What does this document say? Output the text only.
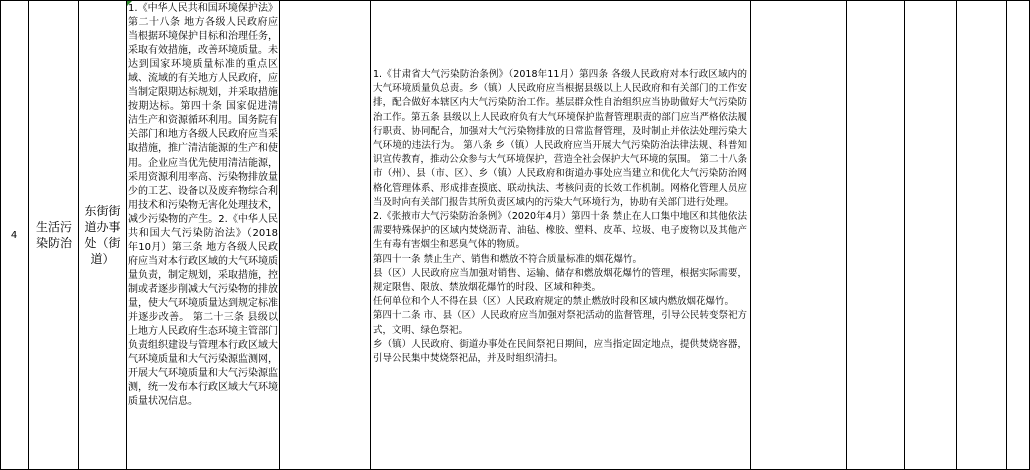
4
生活污染防治
东街街道办事处（街道）
1.《中华人民共和国环境保护法》第二十八条 地方各级人民政府应当根据环境保护目标和治理任务，采取有效措施，改善环境质量。未达到国家环境质量标准的重点区域、流域的有关地方人民政府，应当制定限期达标规划，并采取措施按期达标。第四十条 国家促进清洁生产和资源循环利用。国务院有关部门和地方各级人民政府应当采取措施，推广清洁能源的生产和使用。企业应当优先使用清洁能源，采用资源利用率高、污染物排放量少的工艺、设备以及废弃物综合利用技术和污染物无害化处理技术，减少污染物的产生。2.《中华人民共和国大气污染防治法》（2018年10月）第三条 地方各级人民政府应当对本行政区域的大气环境质量负责，制定规划，采取措施，控制或者逐步削减大气污染物的排放量，使大气环境质量达到规定标准并逐步改善。 第二十三条 县级以上地方人民政府生态环境主管部门负责组织建设与管理本行政区域大气环境质量和大气污染源监测网，开展大气环境质量和大气污染源监测，统一发布本行政区域大气环境质量状况信息。

1.《甘肃省大气污染防治条例》（2018年11月）第四条 各级人民政府对本行政区域内的大气环境质量负总责。乡（镇）人民政府应当根据县级以上人民政府和有关部门的工作安排，配合做好本辖区内大气污染防治工作。基层群众性自治组织应当协助做好大气污染防治工作。第五条 县级以上人民政府负有大气环境保护监督管理职责的部门应当严格依法履行职责、协同配合，加强对大气污染物排放的日常监督管理，及时制止并依法处理污染大气环境的违法行为。 第八条 乡（镇）人民政府应当开展大气污染防治法律法规、科普知识宣传教育，推动公众参与大气环境保护，营造全社会保护大气环境的氛围。 第二十八条 市（州）、县（市、区）、乡（镇）人民政府和街道办事处应当建立和优化大气污染防治网格化管理体系、形成排查摸底、联动执法、考核问责的长效工作机制。网格化管理人员应当及时向有关部门报告其所负责区域内的污染大气环境行为，协助有关部门进行处理。

2.《张掖市大气污染防治条例》（2020年4月）第四十条 禁止在人口集中地区和其他依法需要特殊保护的区域内焚烧沥青、油毡、橡胶、塑料、皮革、垃圾、电子废物以及其他产生有毒有害烟尘和恶臭气体的物质。

第四十一条 禁止生产、销售和燃放不符合质量标准的烟花爆竹。

县（区）人民政府应当加强对销售、运输、储存和燃放烟花爆竹的管理，根据实际需要，规定限售、限放、禁放烟花爆竹的时段、区域和种类。

任何单位和个人不得在县（区）人民政府规定的禁止燃放时段和区域内燃放烟花爆竹。

第四十二条 市、县（区）人民政府应当加强对祭祀活动的监督管理，引导公民转变祭祀方式，文明、绿色祭祀。

乡（镇）人民政府、街道办事处在民间祭祀日期间，应当指定固定地点，提供焚烧容器，引导公民集中焚烧祭祀品，并及时组织清扫。
